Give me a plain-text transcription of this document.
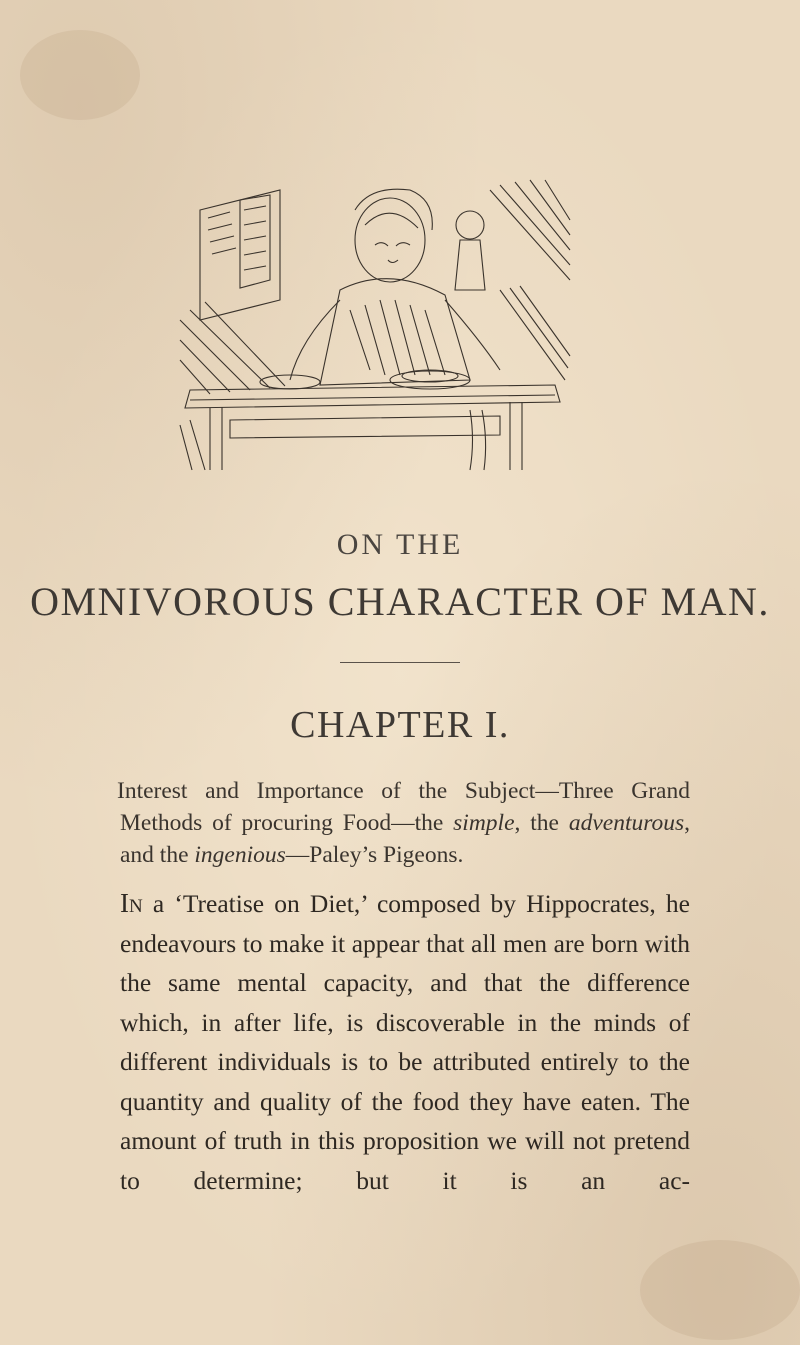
ON THE
OMNIVOROUS CHARACTER OF MAN.
CHAPTER I.

Interest and Importance of the Subject—Three Grand Methods of procuring Food—the simple, the adventurous, and the ingenious—Paley’s Pigeons.

In a ‘Treatise on Diet,’ composed by Hippocrates, he endeavours to make it appear that all men are born with the same mental capacity, and that the difference which, in after life, is discoverable in the minds of different individuals is to be attributed entirely to the quantity and quality of the food they have eaten. The amount of truth in this proposition we will not pretend to determine; but it is an ac-
